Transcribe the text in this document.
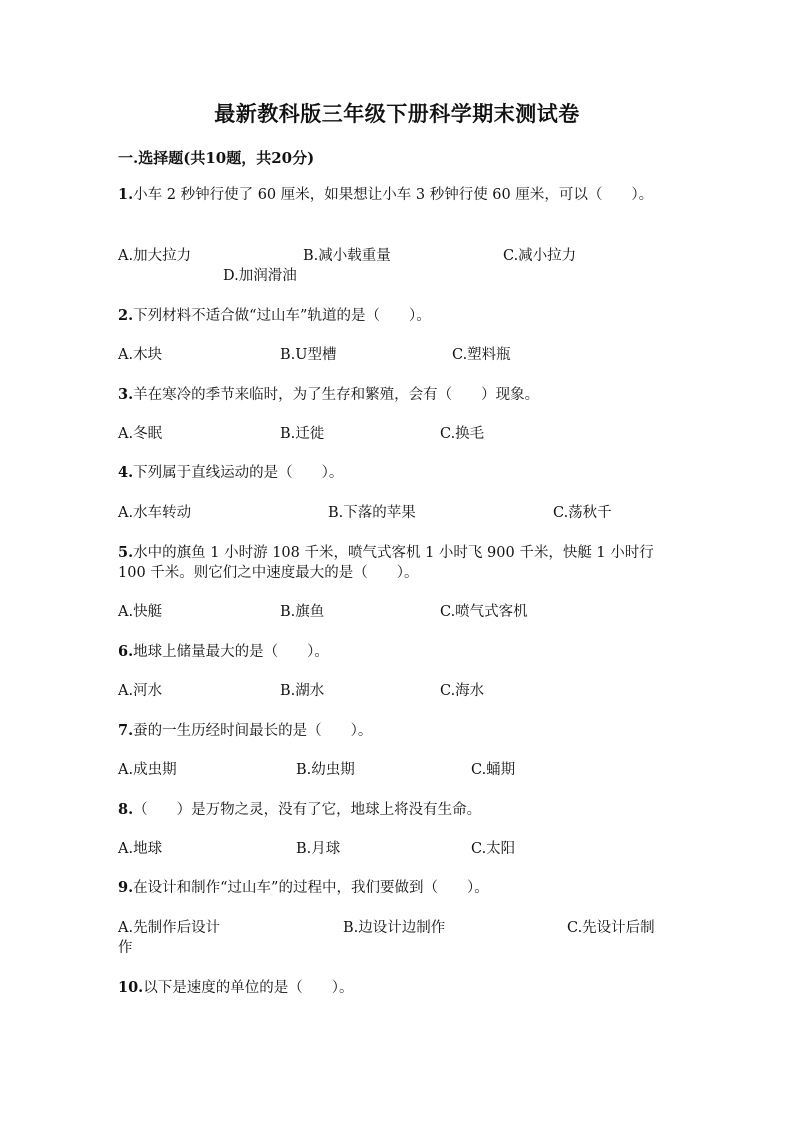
最新教科版三年级下册科学期末测试卷
一.选择题(共10题，共20分)
1.小车 2 秒钟行使了 60 厘米，如果想让小车 3 秒钟行使 60 厘米，可以（　　）。
A.加大拉力	B.减小载重量	C.减小拉力
D.加润滑油
2.下列材料不适合做“过山车”轨道的是（　　）。
A.木块	B.U型槽	C.塑料瓶
3.羊在寒冷的季节来临时，为了生存和繁殖，会有（　　）现象。
A.冬眠	B.迁徙	C.换毛
4.下列属于直线运动的是（　　）。
A.水车转动	B.下落的苹果	C.荡秋千
5.水中的旗鱼 1 小时游 108 千米，喷气式客机 1 小时飞 900 千米，快艇 1 小时行 100 千米。则它们之中速度最大的是（　　）。
A.快艇	B.旗鱼	C.喷气式客机
6.地球上储量最大的是（　　）。
A.河水	B.湖水	C.海水
7.蚕的一生历经时间最长的是（　　）。
A.成虫期	B.幼虫期	C.蛹期
8.（　　）是万物之灵，没有了它，地球上将没有生命。
A.地球	B.月球	C.太阳
9.在设计和制作“过山车”的过程中，我们要做到（　　）。
A.先制作后设计	B.边设计边制作	C.先设计后制
作
10.以下是速度的单位的是（　　）。
